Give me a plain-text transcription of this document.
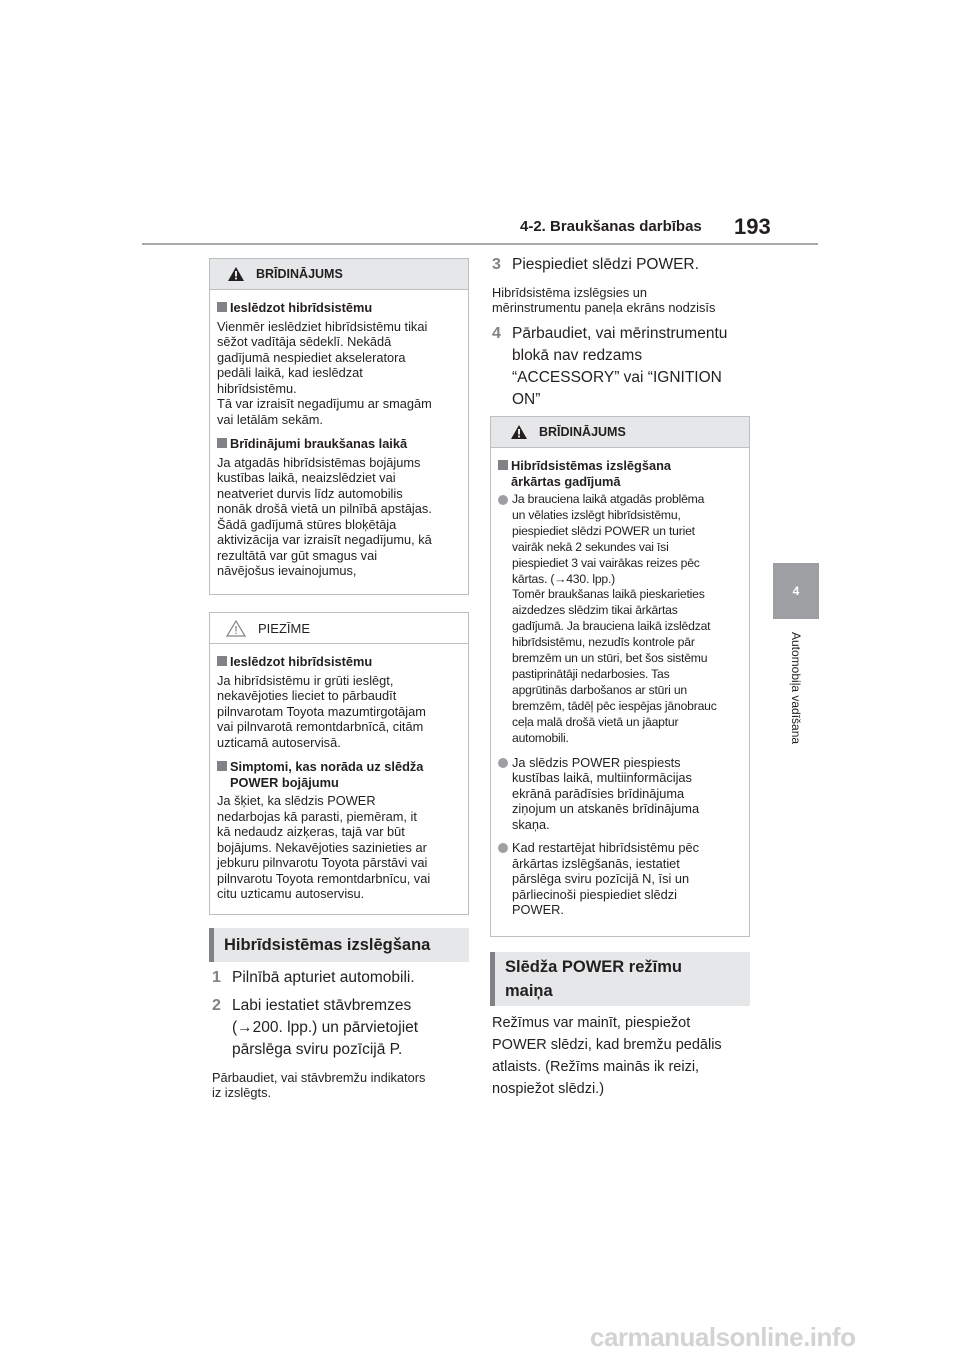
4-2. Braukšanas darbības 193
4
Automobiļa vadīšana
BRĪDINĀJUMS
Ieslēdzot hibrīdsistēmu
Vienmēr ieslēdziet hibrīdsistēmu tikai
sēžot vadītāja sēdeklī. Nekādā
gadījumā nespiediet akseleratora
pedāli laikā, kad ieslēdzat
hibrīdsistēmu.
Tā var izraisīt negadījumu ar smagām
vai letālām sekām.
Brīdinājumi braukšanas laikā
Ja atgadās hibrīdsistēmas bojājums
kustības laikā, neaizslēdziet vai
neatveriet durvis līdz automobilis
nonāk drošā vietā un pilnībā apstājas.
Šādā gadījumā stūres bloķētāja
aktivizācija var izraisīt negadījumu, kā
rezultātā var gūt smagus vai
nāvējošus ievainojumus,
PIEZĪME
Ieslēdzot hibrīdsistēmu
Ja hibrīdsistēmu ir grūti ieslēgt,
nekavējoties lieciet to pārbaudīt
pilnvarotam Toyota mazumtirgotājam
vai pilnvarotā remontdarbnīcā, citām
uzticamā autoservisā.
Simptomi, kas norāda uz slēdža
POWER bojājumu
Ja šķiet, ka slēdzis POWER
nedarbojas kā parasti, piemēram, it
kā nedaudz aizķeras, tajā var būt
bojājums. Nekavējoties sazinieties ar
jebkuru pilnvarotu Toyota pārstāvi vai
pilnvarotu Toyota remontdarbnīcu, vai
citu uzticamu autoservisu.
Hibrīdsistēmas izslēgšana
1 Pilnībā apturiet automobili.
2 Labi iestatiet stāvbremzes
(→200. lpp.) un pārvietojiet
pārslēga sviru pozīcijā P.
Pārbaudiet, vai stāvbremžu indikators
iz izslēgts.
3 Piespiediet slēdzi POWER.
Hibrīdsistēma izslēgsies un
mērinstrumentu paneļa ekrāns nodzisīs
4 Pārbaudiet, vai mērinstrumentu
blokā nav redzams
“ACCESSORY” vai “IGNITION
ON”
BRĪDINĀJUMS
Hibrīdsistēmas izslēgšana
ārkārtas gadījumā
Ja brauciena laikā atgadās problēma
un vēlaties izslēgt hibrīdsistēmu,
piespiediet slēdzi POWER un turiet
vairāk nekā 2 sekundes vai īsi
piespiediet 3 vai vairākas reizes pēc
kārtas. (→430. lpp.)
Tomēr braukšanas laikā pieskarieties
aizdedzes slēdzim tikai ārkārtas
gadījumā. Ja brauciena laikā izslēdzat
hibrīdsistēmu, nezudīs kontrole pār
bremzēm un un stūri, bet šos sistēmu
pastiprinātāji nedarbosies. Tas
apgrūtinās darbošanos ar stūri un
bremzēm, tādēļ pēc iespējas jānobrauc
ceļa malā drošā vietā un jāaptur
automobili.
Ja slēdzis POWER piespiests
kustības laikā, multiinformācijas
ekrānā parādīsies brīdinājuma
ziņojum un atskanēs brīdinājuma
skaņa.
Kad restartējat hibrīdsistēmu pēc
ārkārtas izslēgšanās, iestatiet
pārslēga sviru pozīcijā N, īsi un
pārliecinoši piespiediet slēdzi
POWER.
Slēdža POWER režīmu
maiņa
Režīmus var mainīt, piespiežot
POWER slēdzi, kad bremžu pedālis
atlaists. (Režīms mainās ik reizi,
nospiežot slēdzi.)
carmanualsonline.info
